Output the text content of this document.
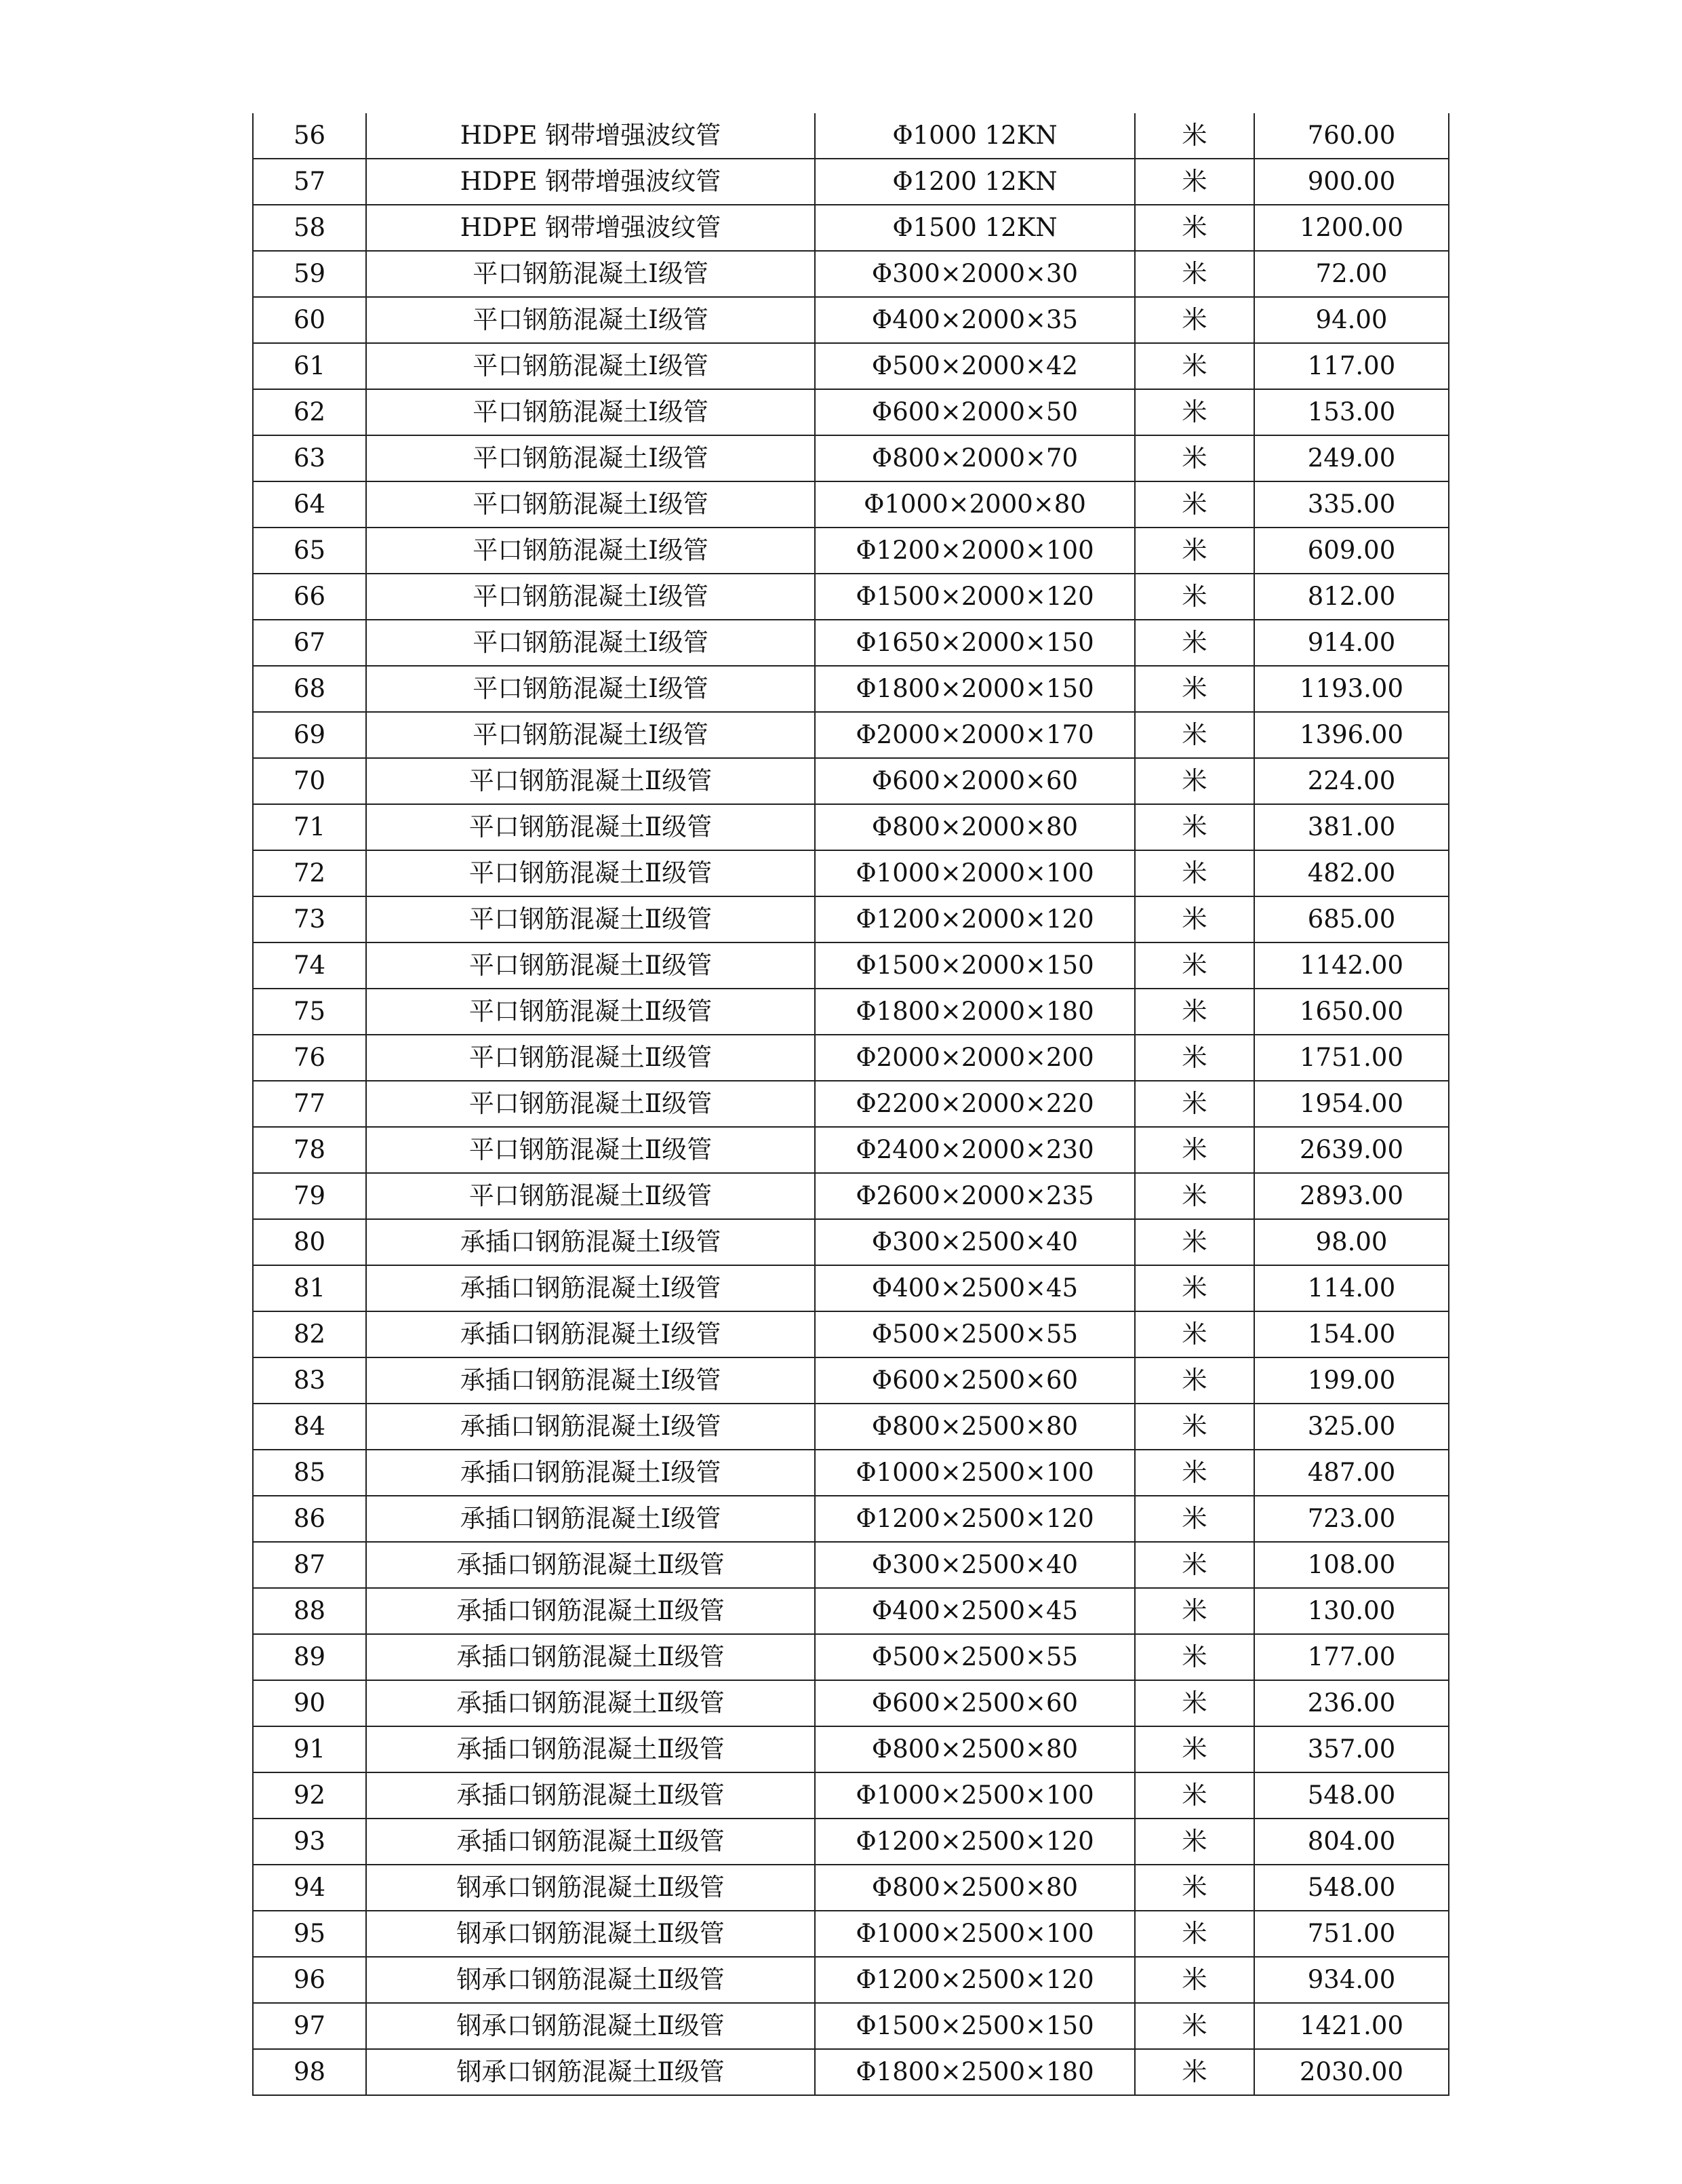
56	HDPE 钢带增强波纹管	Φ1000 12KN	米	760.00
57	HDPE 钢带增强波纹管	Φ1200 12KN	米	900.00
58	HDPE 钢带增强波纹管	Φ1500 12KN	米	1200.00
59	平口钢筋混凝土Ⅰ级管	Φ300×2000×30	米	72.00
60	平口钢筋混凝土Ⅰ级管	Φ400×2000×35	米	94.00
61	平口钢筋混凝土Ⅰ级管	Φ500×2000×42	米	117.00
62	平口钢筋混凝土Ⅰ级管	Φ600×2000×50	米	153.00
63	平口钢筋混凝土Ⅰ级管	Φ800×2000×70	米	249.00
64	平口钢筋混凝土Ⅰ级管	Φ1000×2000×80	米	335.00
65	平口钢筋混凝土Ⅰ级管	Φ1200×2000×100	米	609.00
66	平口钢筋混凝土Ⅰ级管	Φ1500×2000×120	米	812.00
67	平口钢筋混凝土Ⅰ级管	Φ1650×2000×150	米	914.00
68	平口钢筋混凝土Ⅰ级管	Φ1800×2000×150	米	1193.00
69	平口钢筋混凝土Ⅰ级管	Φ2000×2000×170	米	1396.00
70	平口钢筋混凝土Ⅱ级管	Φ600×2000×60	米	224.00
71	平口钢筋混凝土Ⅱ级管	Φ800×2000×80	米	381.00
72	平口钢筋混凝土Ⅱ级管	Φ1000×2000×100	米	482.00
73	平口钢筋混凝土Ⅱ级管	Φ1200×2000×120	米	685.00
74	平口钢筋混凝土Ⅱ级管	Φ1500×2000×150	米	1142.00
75	平口钢筋混凝土Ⅱ级管	Φ1800×2000×180	米	1650.00
76	平口钢筋混凝土Ⅱ级管	Φ2000×2000×200	米	1751.00
77	平口钢筋混凝土Ⅱ级管	Φ2200×2000×220	米	1954.00
78	平口钢筋混凝土Ⅱ级管	Φ2400×2000×230	米	2639.00
79	平口钢筋混凝土Ⅱ级管	Φ2600×2000×235	米	2893.00
80	承插口钢筋混凝土Ⅰ级管	Φ300×2500×40	米	98.00
81	承插口钢筋混凝土Ⅰ级管	Φ400×2500×45	米	114.00
82	承插口钢筋混凝土Ⅰ级管	Φ500×2500×55	米	154.00
83	承插口钢筋混凝土Ⅰ级管	Φ600×2500×60	米	199.00
84	承插口钢筋混凝土Ⅰ级管	Φ800×2500×80	米	325.00
85	承插口钢筋混凝土Ⅰ级管	Φ1000×2500×100	米	487.00
86	承插口钢筋混凝土Ⅰ级管	Φ1200×2500×120	米	723.00
87	承插口钢筋混凝土Ⅱ级管	Φ300×2500×40	米	108.00
88	承插口钢筋混凝土Ⅱ级管	Φ400×2500×45	米	130.00
89	承插口钢筋混凝土Ⅱ级管	Φ500×2500×55	米	177.00
90	承插口钢筋混凝土Ⅱ级管	Φ600×2500×60	米	236.00
91	承插口钢筋混凝土Ⅱ级管	Φ800×2500×80	米	357.00
92	承插口钢筋混凝土Ⅱ级管	Φ1000×2500×100	米	548.00
93	承插口钢筋混凝土Ⅱ级管	Φ1200×2500×120	米	804.00
94	钢承口钢筋混凝土Ⅱ级管	Φ800×2500×80	米	548.00
95	钢承口钢筋混凝土Ⅱ级管	Φ1000×2500×100	米	751.00
96	钢承口钢筋混凝土Ⅱ级管	Φ1200×2500×120	米	934.00
97	钢承口钢筋混凝土Ⅱ级管	Φ1500×2500×150	米	1421.00
98	钢承口钢筋混凝土Ⅱ级管	Φ1800×2500×180	米	2030.00
